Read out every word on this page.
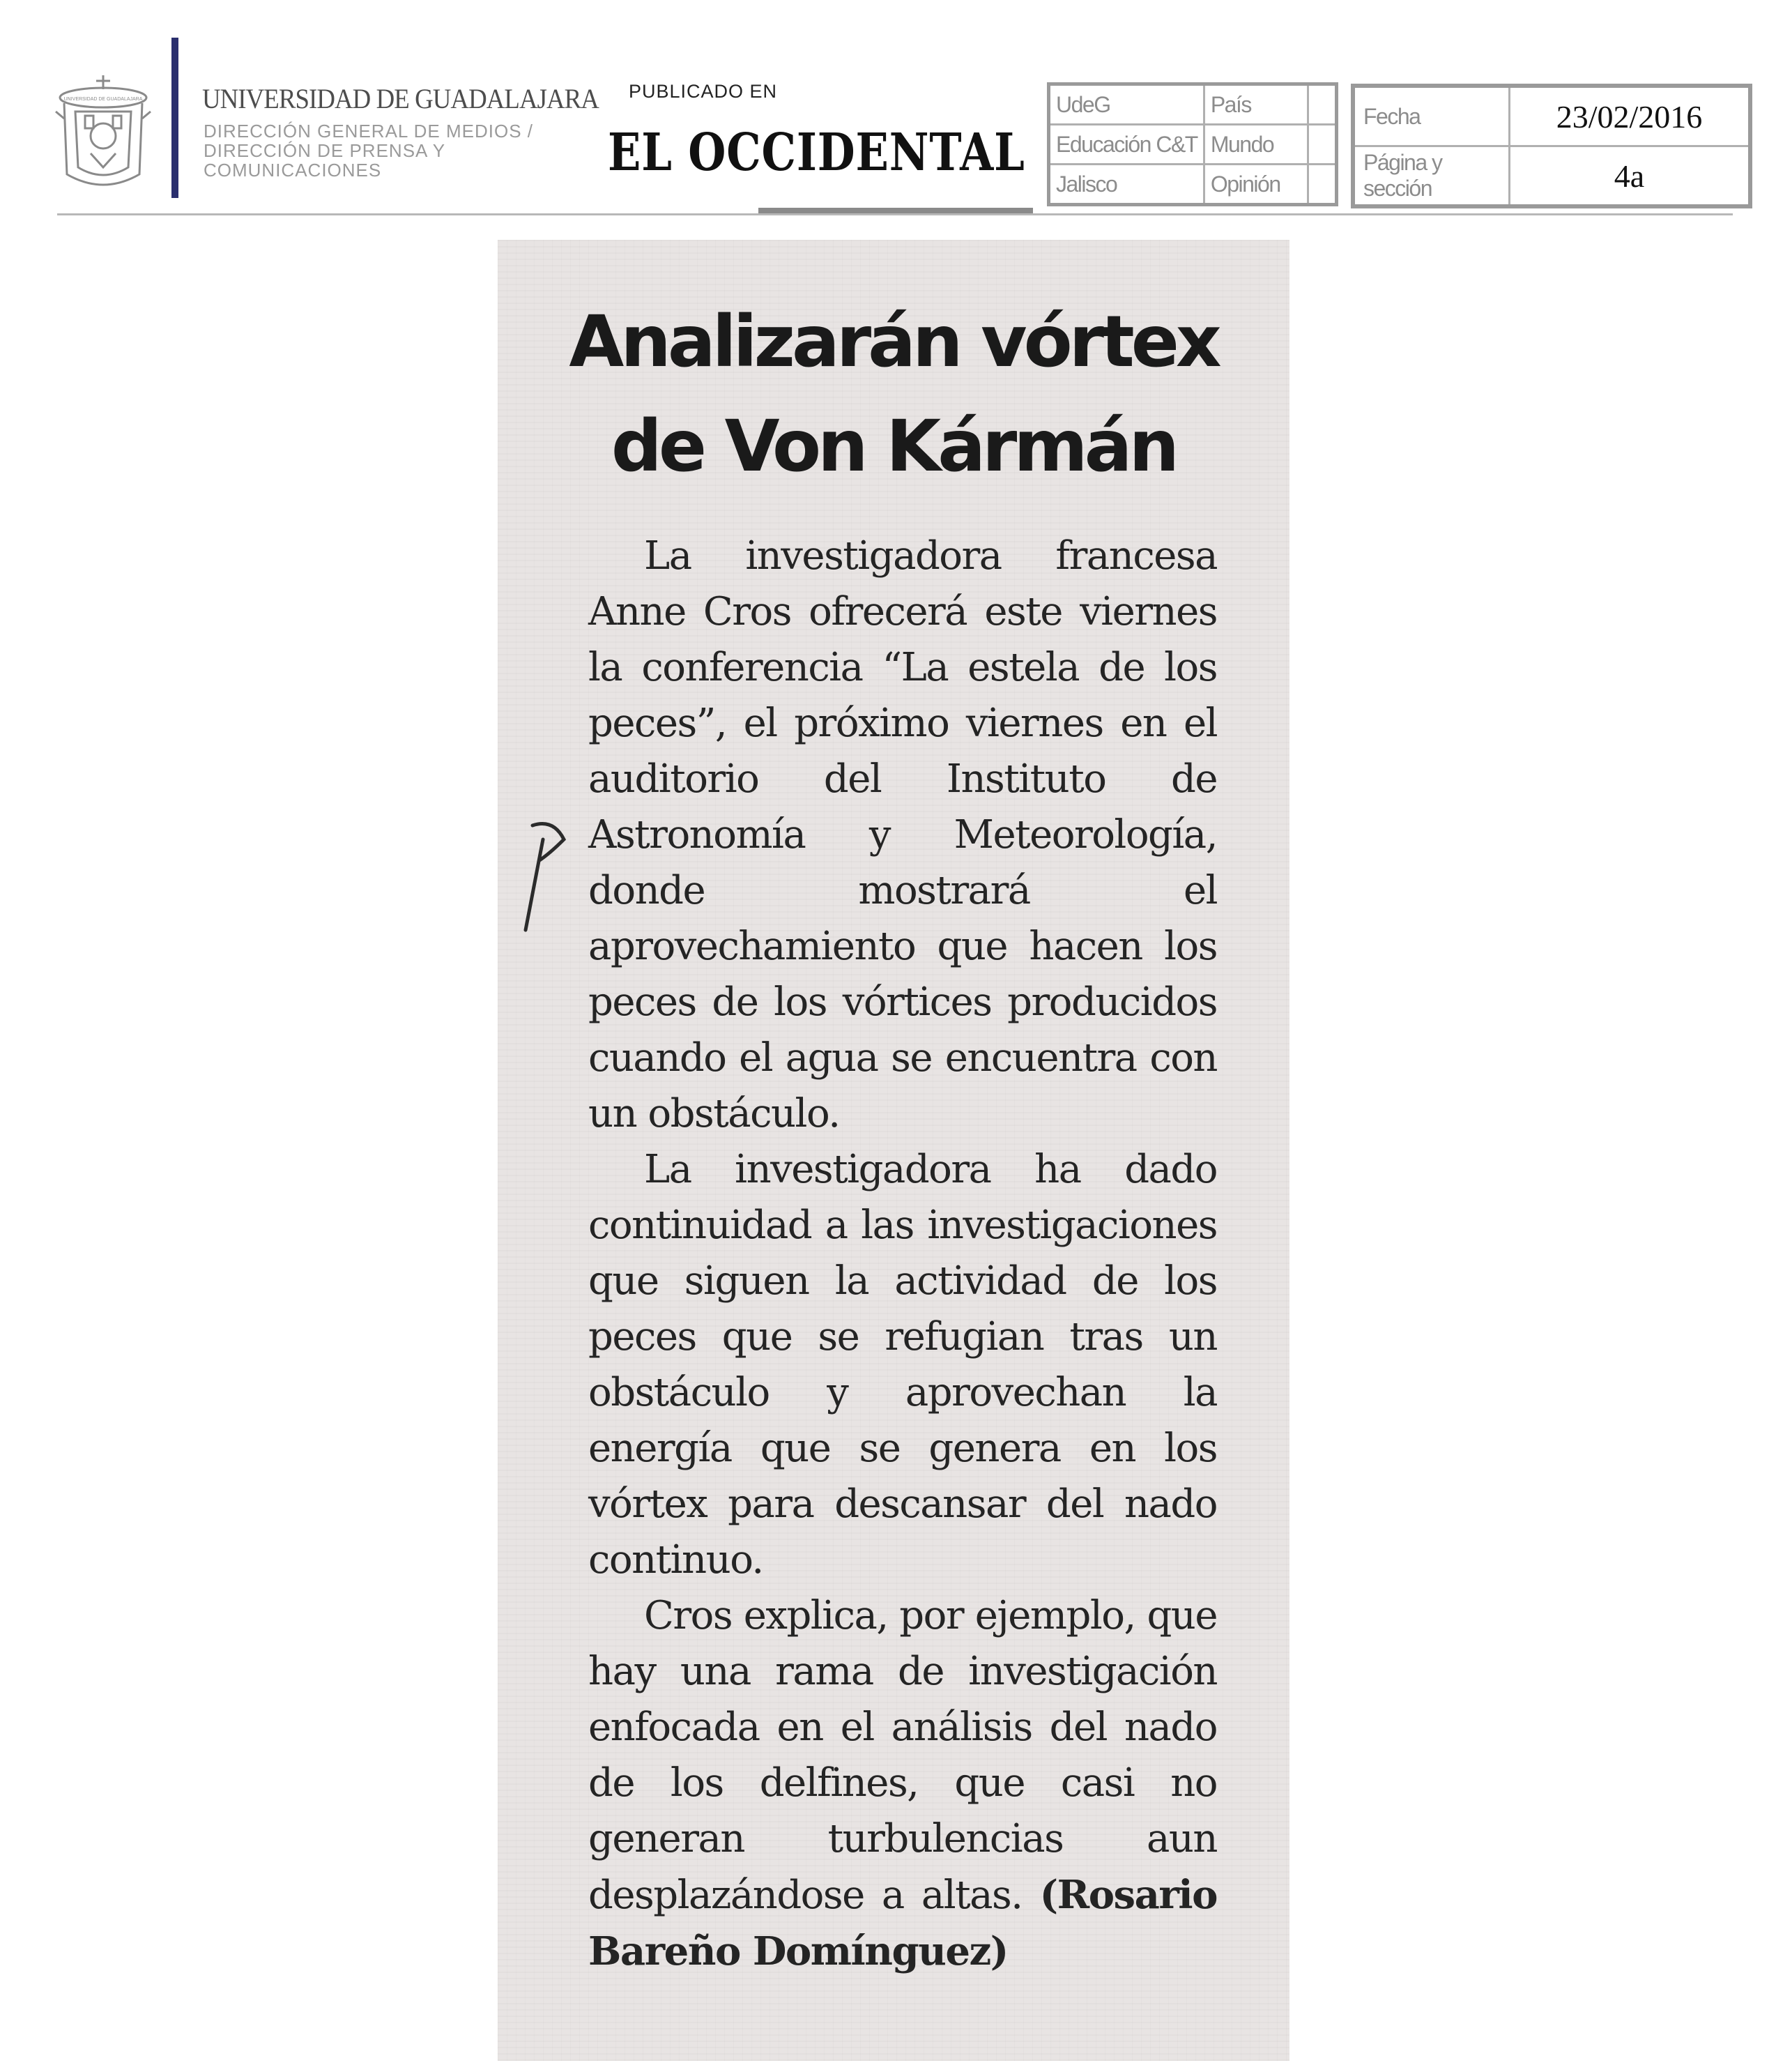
UNIVERSIDAD DE GUADALAJARA UNIVERSIDAD DE GUADALAJARA
DIRECCIÓN GENERAL DE MEDIOS /
DIRECCIÓN DE PRENSA Y
COMUNICACIONES
PUBLICADO EN
EL OCCIDENTAL
UdeG	País	
Educación C&T	Mundo	
Jalisco	Opinión	
Fecha	23/02/2016
Página y sección	4a
Analizarán vórtex
de Von Kármán

La investigadora francesa Anne Cros ofrecerá este viernes la conferencia “La estela de los peces”, el próximo viernes en el auditorio del Instituto de Astronomía y Meteorología, donde mostrará el aprovechamiento que hacen los peces de los vórtices producidos cuando el agua se encuentra con un obstáculo.

La investigadora ha dado continuidad a las investigaciones que siguen la actividad de los peces que se refugian tras un obstáculo y aprovechan la energía que se genera en los vórtex para descansar del nado continuo.

Cros explica, por ejemplo, que hay una rama de investigación enfocada en el análisis del nado de los delfines, que casi no generan turbulencias aun desplazándose a altas. (Rosario Bareño Domínguez)
